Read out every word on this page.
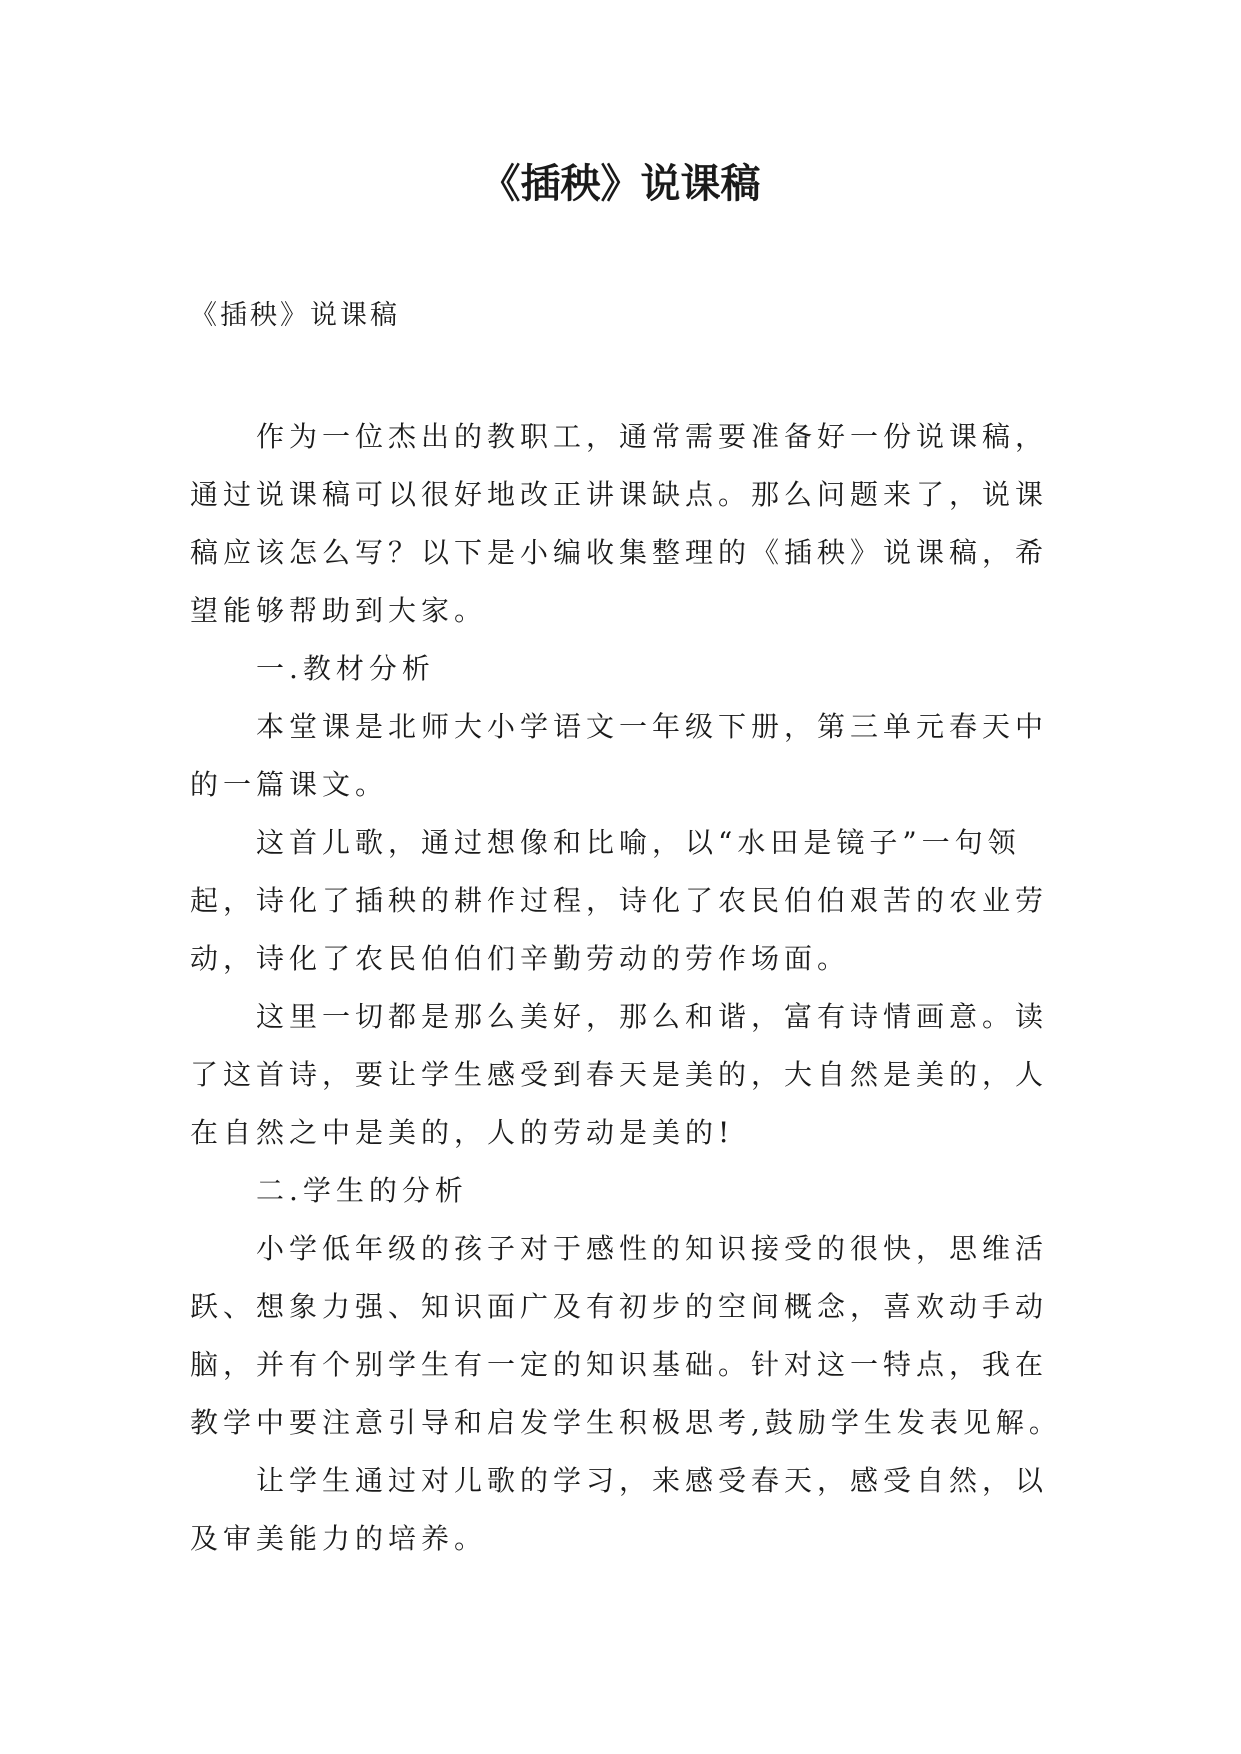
《插秧》说课稿

《插秧》说课稿

作为一位杰出的教职工，通常需要准备好一份说课稿，
通过说课稿可以很好地改正讲课缺点。那么问题来了，说课
稿应该怎么写？以下是小编收集整理的《插秧》说课稿，希
望能够帮助到大家。

一.教材分析

本堂课是北师大小学语文一年级下册，第三单元春天中
的一篇课文。

这首儿歌，通过想像和比喻，以“水田是镜子”一句领
起，诗化了插秧的耕作过程，诗化了农民伯伯艰苦的农业劳
动，诗化了农民伯伯们辛勤劳动的劳作场面。

这里一切都是那么美好，那么和谐，富有诗情画意。读
了这首诗，要让学生感受到春天是美的，大自然是美的，人
在自然之中是美的，人的劳动是美的!

二.学生的分析

小学低年级的孩子对于感性的知识接受的很快，思维活
跃、想象力强、知识面广及有初步的空间概念，喜欢动手动
脑，并有个别学生有一定的知识基础。针对这一特点，我在
教学中要注意引导和启发学生积极思考,鼓励学生发表见解。

让学生通过对儿歌的学习，来感受春天，感受自然，以
及审美能力的培养。
